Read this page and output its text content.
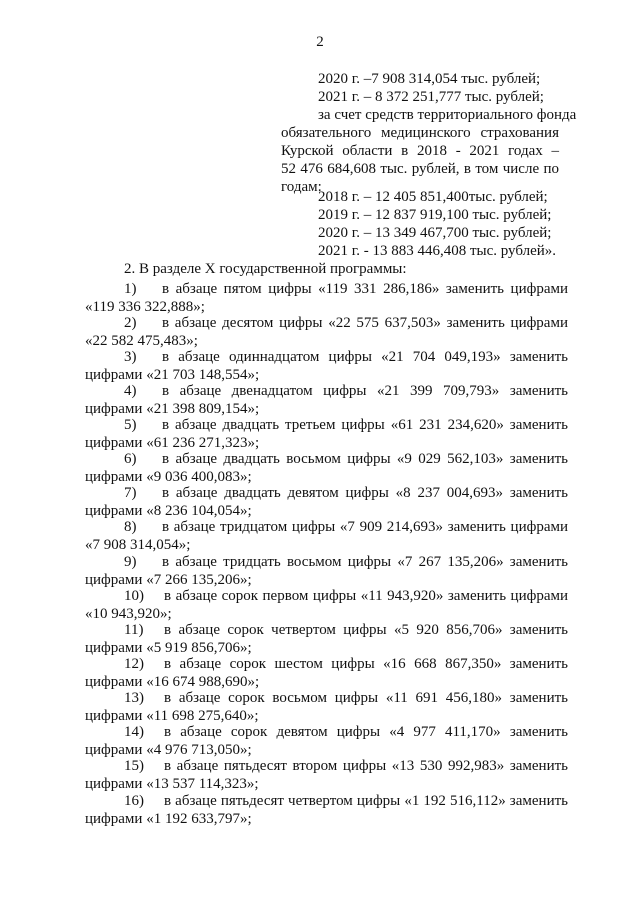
2
2020 г. –7 908 314,054 тыс. рублей;
2021 г. – 8 372 251,777 тыс. рублей;
за счет средств территориального фонда
обязательного медицинского страхования
Курской области в 2018 - 2021 годах –
52 476 684,608 тыс. рублей, в том числе по
годам:
2018 г. – 12 405 851,400тыс. рублей;
2019 г. – 12 837 919,100 тыс. рублей;
2020 г. – 13 349 467,700 тыс. рублей;
2021 г. - 13 883 446,408 тыс. рублей».
2. В разделе X государственной программы:
1)	в абзаце пятом цифры «119 331 286,186» заменить цифрами
«119 336 322,888»;
2)	в абзаце десятом цифры «22 575 637,503» заменить цифрами
«22 582 475,483»;
3)	в абзаце одиннадцатом цифры «21 704 049,193» заменить
цифрами «21 703 148,554»;
4)	в абзаце двенадцатом цифры «21 399 709,793» заменить
цифрами «21 398 809,154»;
5)	в абзаце двадцать третьем цифры «61 231 234,620» заменить
цифрами «61 236 271,323»;
6)	в абзаце двадцать восьмом цифры «9 029 562,103» заменить
цифрами «9 036 400,083»;
7)	в абзаце двадцать девятом цифры «8 237 004,693» заменить
цифрами «8 236 104,054»;
8)	в абзаце тридцатом цифры «7 909 214,693» заменить цифрами
«7 908 314,054»;
9)	в абзаце тридцать восьмом цифры «7 267 135,206» заменить
цифрами «7 266 135,206»;
10)	в абзаце сорок первом цифры «11 943,920» заменить цифрами
«10 943,920»;
11)	в абзаце сорок четвертом цифры «5 920 856,706» заменить
цифрами «5 919 856,706»;
12)	в абзаце сорок шестом цифры «16 668 867,350» заменить
цифрами «16 674 988,690»;
13)	в абзаце сорок восьмом цифры «11 691 456,180» заменить
цифрами «11 698 275,640»;
14)	в абзаце сорок девятом цифры «4 977 411,170» заменить
цифрами «4 976 713,050»;
15)	в абзаце пятьдесят втором цифры «13 530 992,983» заменить
цифрами «13 537 114,323»;
16)	в абзаце пятьдесят четвертом цифры «1 192 516,112» заменить
цифрами «1 192 633,797»;
